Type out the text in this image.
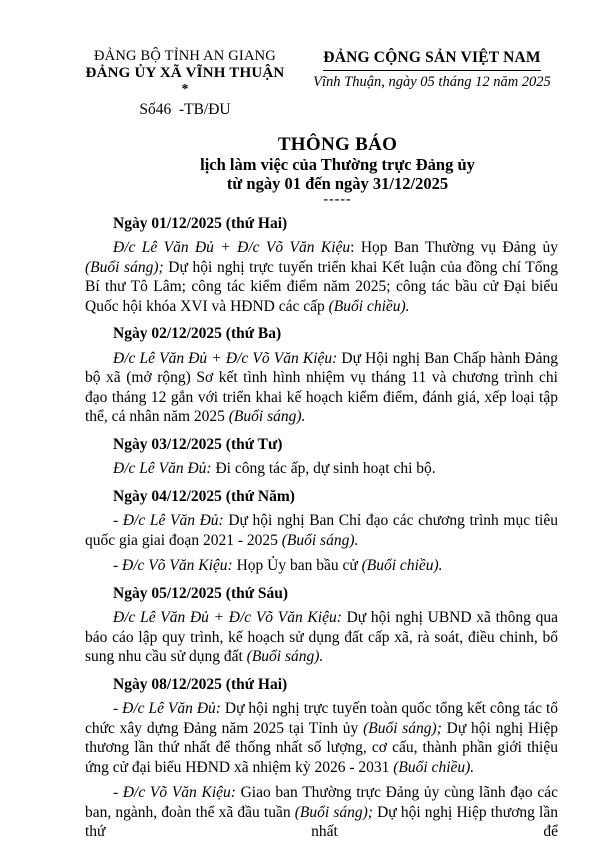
ĐẢNG BỘ TỈNH AN GIANG
ĐẢNG ỦY XÃ VĨNH THUẬN
*
Số46  -TB/ĐU
ĐẢNG CỘNG SẢN VIỆT NAM
Vĩnh Thuận, ngày 05 tháng 12 năm 2025
THÔNG BÁO
lịch làm việc của Thường trực Đảng ủy
từ ngày 01 đến ngày 31/12/2025
-----

Ngày 01/12/2025 (thứ Hai)

Đ/c Lê Văn Đủ + Đ/c Võ Văn Kiệu: Họp Ban Thường vụ Đảng ủy (Buổi sáng); Dự hội nghị trực tuyến triển khai Kết luận của đồng chí Tổng Bí thư Tô Lâm; công tác kiểm điểm năm 2025; công tác bầu cử Đại biểu Quốc hội khóa XVI và HĐND các cấp (Buổi chiều).

Ngày 02/12/2025 (thứ Ba)

Đ/c Lê Văn Đủ + Đ/c Võ Văn Kiệu: Dự Hội nghị Ban Chấp hành Đảng bộ xã (mở rộng) Sơ kết tình hình nhiệm vụ tháng 11 và chương trình chi đạo tháng 12 gắn với triển khai kế hoạch kiểm điểm, đánh giá, xếp loại tập thể, cá nhân năm 2025 (Buổi sáng).

Ngày 03/12/2025 (thứ Tư)

Đ/c Lê Văn Đủ: Đi công tác ấp, dự sinh hoạt chi bộ.

Ngày 04/12/2025 (thứ Năm)

- Đ/c Lê Văn Đủ: Dự hội nghị Ban Chỉ đạo các chương trình mục tiêu quốc gia giai đoạn 2021 - 2025 (Buổi sáng).

- Đ/c Võ Văn Kiệu: Họp Ủy ban bầu cử (Buổi chiều).

Ngày 05/12/2025 (thứ Sáu)

Đ/c Lê Văn Đủ + Đ/c Võ Văn Kiệu: Dự hội nghị UBND xã thông qua báo cáo lập quy trình, kế hoạch sử dụng đất cấp xã, rà soát, điều chinh, bổ sung nhu cầu sử dụng đất (Buổi sáng).

Ngày 08/12/2025 (thứ Hai)

- Đ/c Lê Văn Đủ: Dự hội nghị trực tuyến toàn quốc tổng kết công tác tổ chức xây dựng Đảng năm 2025 tại Tỉnh ủy (Buổi sáng); Dự hội nghị Hiệp thương lần thứ nhất để thống nhất số lượng, cơ cấu, thành phần giới thiệu ứng cử đại biểu HĐND xã nhiệm kỳ 2026 - 2031 (Buổi chiều).

- Đ/c Võ Văn Kiệu: Giao ban Thường trực Đảng ủy cùng lãnh đạo các ban, ngành, đoàn thể xã đầu tuần (Buổi sáng); Dự hội nghị Hiệp thương lần thứ nhất để
